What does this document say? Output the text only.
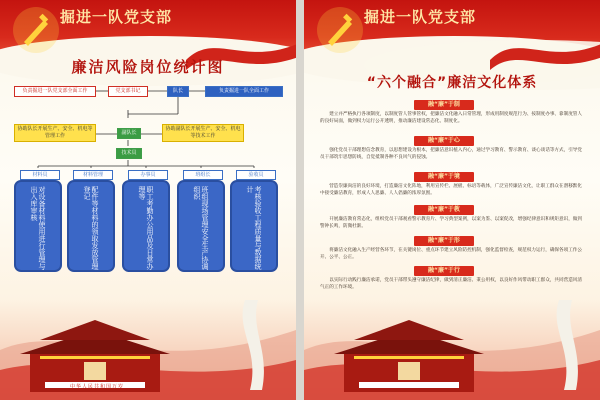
掘进一队党支部
廉洁风险岗位统计图
负责掘进一队党支部全面工作	党支部书记	队长	负责掘进一队全面工作
协助队长开展生产、安全、机电等管理工作	副队长
协助副队长开展生产、安全、机电等技术工作
技术员
材料员
对设备材料使用进行管理与出入库审核
材料管理
配件等材料的领取发放管理登记
办事员
职工考勤办公用品及日常办理等
班组长
班组现场管理安全生产协调组织
验收员
考核验收工程质量与数据统计
中华人民共和国万岁
掘进一队党支部
“六个融合”廉洁文化体系
融“廉”于制
建立并严格执行各项制度，以制度管人管事管权，把廉洁文化融入日常管理，形成用制度规范行为、按制度办事、靠制度管人的良好局面，做到权力运行公开透明，推动廉洁建设常态化、制度化。
融“廉”于心
强化党员干部理想信念教育，以思想建设为根本，把廉洁意识植入内心，通过学习教育、警示教育、谈心谈话等方式，引导党员干部筑牢思想防线，自觉抵制各种不良风气的侵蚀。
融“廉”于境
营造崇廉尚洁的良好环境，打造廉洁文化阵地，利用宣传栏、展板、标语等载体，广泛宣传廉洁文化，让职工群众在潜移默化中接受廉洁教育，形成人人思廉、人人倡廉的浓厚氛围。
融“廉”于教
开展廉洁教育常态化，组织党员干部观看警示教育片、学习典型案例，以案为鉴、以案促改，增强纪律意识和规矩意识，做到警钟长鸣，防微杜渐。
融“廉”于形
将廉洁文化融入生产经营各环节，在关键岗位、重点环节建立风险防控机制，强化监督检查，规范权力运行，确保各项工作公开、公平、公正。
融“廉”于行
以实际行动践行廉洁承诺，党员干部带头遵守廉洁纪律，做到清正廉洁、秉公用权，以良好作风带动职工群众，共同营造风清气正的工作环境。
